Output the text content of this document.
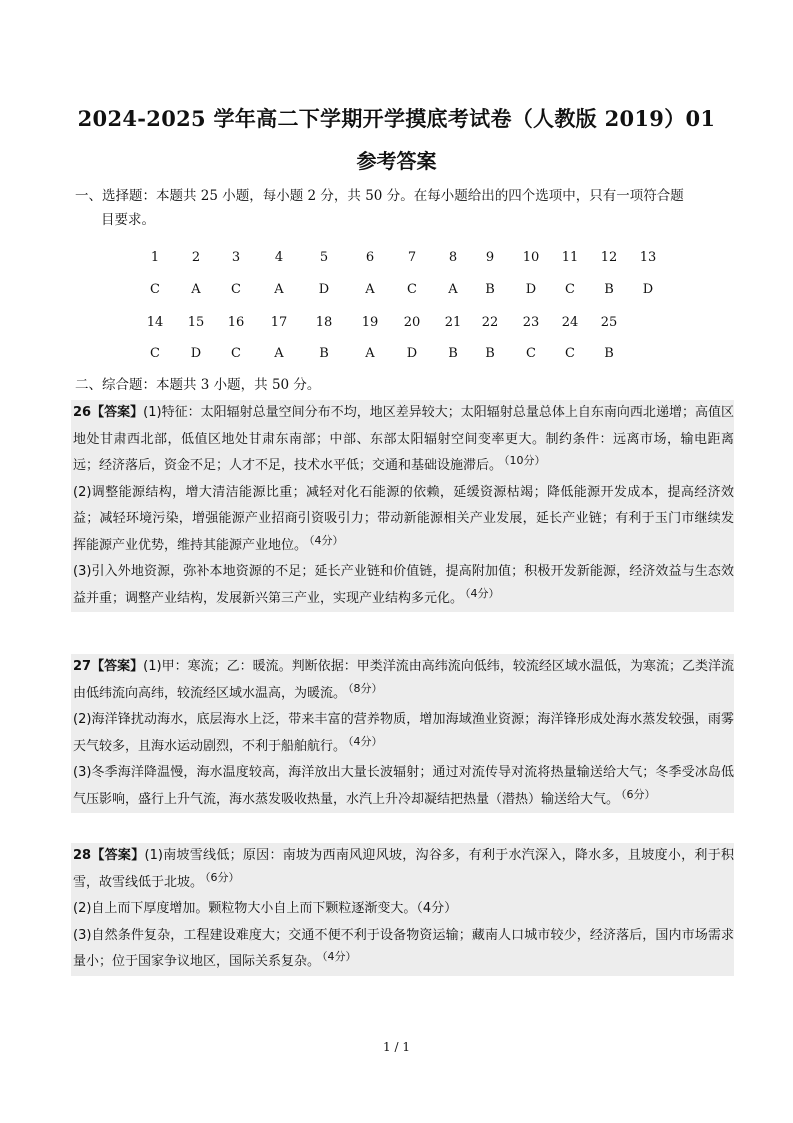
2024-2025 学年高二下学期开学摸底考试卷（人教版 2019）01
参考答案
一、选择题：本题共 25 小题，每小题 2 分，共 50 分。在每小题给出的四个选项中，只有一项符合题
目要求。
1	2	3	4	5	6	7	8	9	10 11 12 13
C	A	C	A	D	A	C	A	B	D	C	B	D
14 15 16 17 18 19 20 21 22 23 24 25
C	D	C	A	B	A	D	B	B	C	C	B
二、综合题：本题共 3 小题，共 50 分。

26【答案】(1)特征：太阳辐射总量空间分布不均，地区差异较大；太阳辐射总量总体上自东南向西北递增；高值区地处甘肃西北部，低值区地处甘肃东南部；中部、东部太阳辐射空间变率更大。制约条件：远离市场，输电距离远；经济落后，资金不足；人才不足，技术水平低；交通和基础设施滞后。 $^{(10分)}$

(2)调整能源结构，增大清洁能源比重；减轻对化石能源的依赖，延缓资源枯竭；降低能源开发成本，提高经济效益；减轻环境污染，增强能源产业招商引资吸引力；带动新能源相关产业发展，延长产业链；有利于玉门市继续发挥能源产业优势，维持其能源产业地位。 $^{(4分)}$

(3)引入外地资源，弥补本地资源的不足；延长产业链和价值链，提高附加值；积极开发新能源，经济效益与生态效益并重；调整产业结构，发展新兴第三产业，实现产业结构多元化。 $^{(4分)}$

27【答案】(1)甲：寒流；乙：暖流。判断依据：甲类洋流由高纬流向低纬，较流经区域水温低，为寒流；乙类洋流由低纬流向高纬，较流经区域水温高，为暖流。 $^{(8分)}$

(2)海洋锋扰动海水，底层海水上泛，带来丰富的营养物质，增加海域渔业资源；海洋锋形成处海水蒸发较强，雨雾天气较多，且海水运动剧烈，不利于船舶航行。 $^{(4分)}$

(3)冬季海洋降温慢，海水温度较高，海洋放出大量长波辐射；通过对流传导对流将热量输送给大气；冬季受冰岛低气压影响，盛行上升气流，海水蒸发吸收热量，水汽上升冷却凝结把热量（潜热）输送给大气。 $^{(6分)}$

28【答案】(1)南坡雪线低；原因：南坡为西南风迎风坡，沟谷多，有利于水汽深入，降水多，且坡度小，利于积雪，故雪线低于北坡。 $^{(6分)}$

(2)自上而下厚度增加。颗粒物大小自上而下颗粒逐渐变大。（4分）

(3)自然条件复杂，工程建设难度大；交通不便不利于设备物资运输；藏南人口城市较少，经济落后，国内市场需求量小；位于国家争议地区，国际关系复杂。 $^{(4分)}$

1 / 1
